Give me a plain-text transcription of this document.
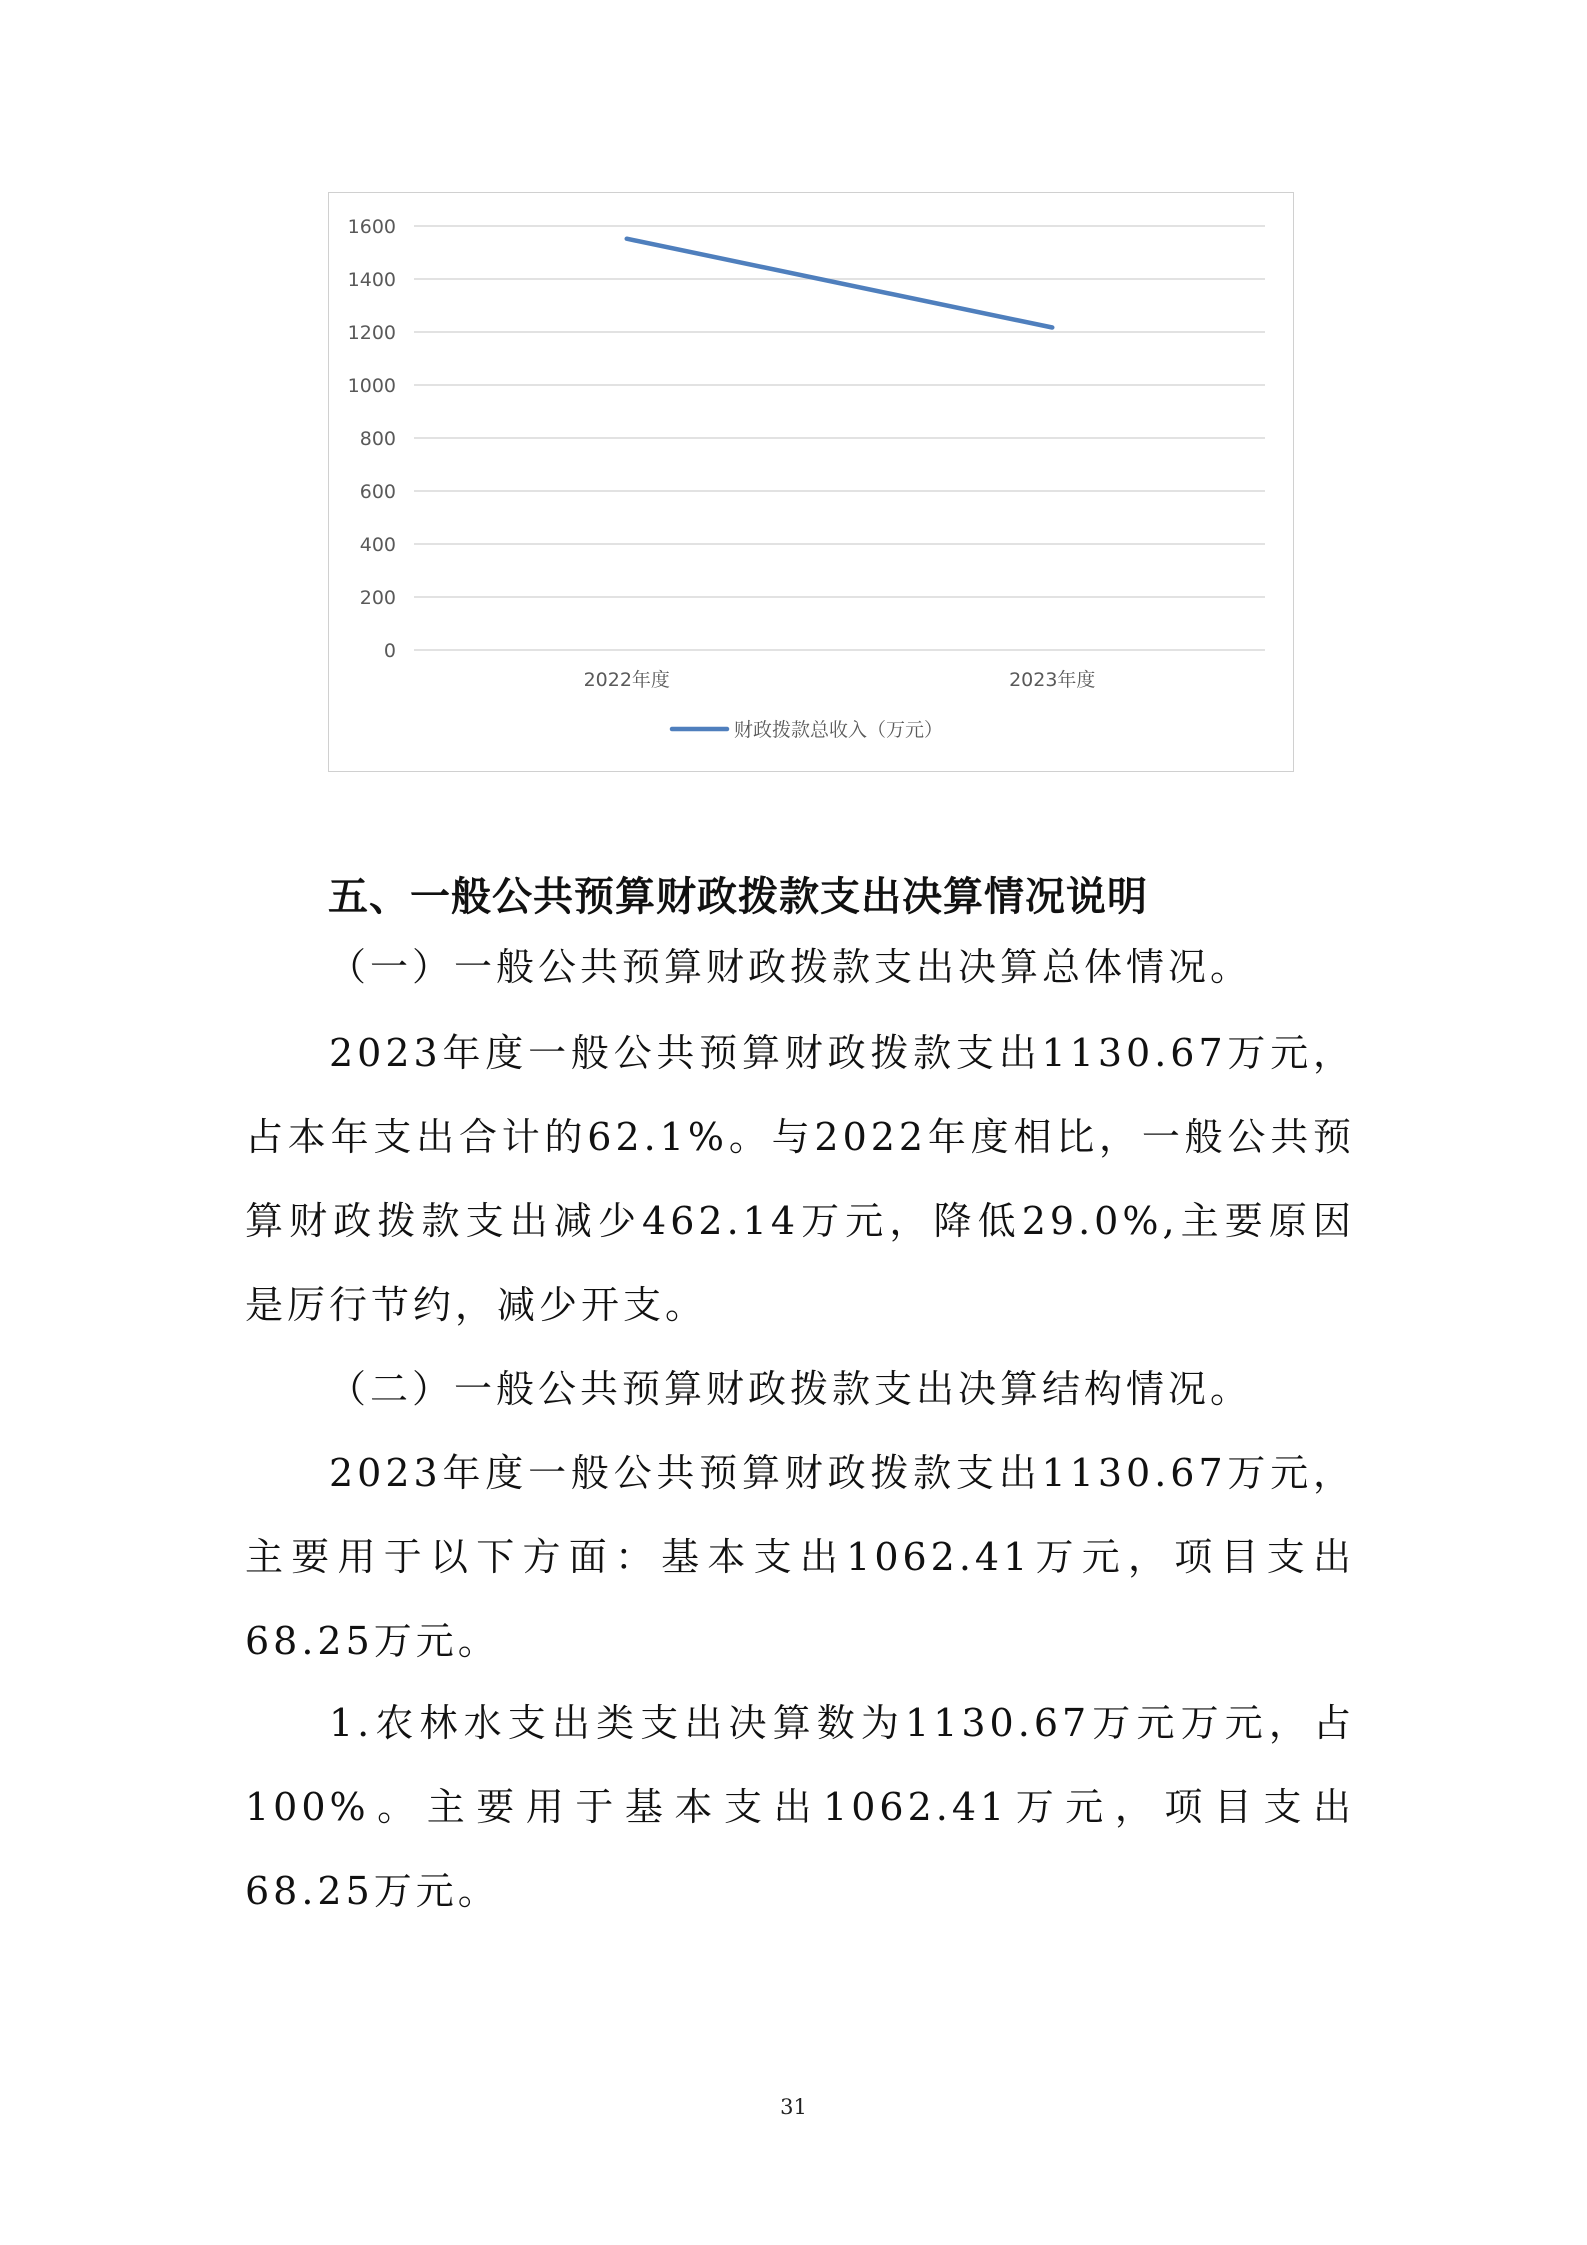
1600
1400
1200
1000
800
600
400
200
0
2022年度	2023年度
财政拨款总收入（万元）
五、一般公共预算财政拨款支出决算情况说明
（一）一般公共预算财政拨款支出决算总体情况。

2023年度一般公共预算财政拨款支出1130.67万元，占本年支出合计的62.1%。与2022年度相比，一般公共预算财政拨款支出减少462.14万元，降低29.0%,主要原因是厉行节约，减少开支。

（二）一般公共预算财政拨款支出决算结构情况。

2023年度一般公共预算财政拨款支出1130.67万元，主要用于以下方面：基本支出1062.41万元，项目支出68.25万元。

1.农林水支出类支出决算数为1130.67万元万元，占100%。主要用于基本支出1062.41万元，项目支出68.25万元。

31
